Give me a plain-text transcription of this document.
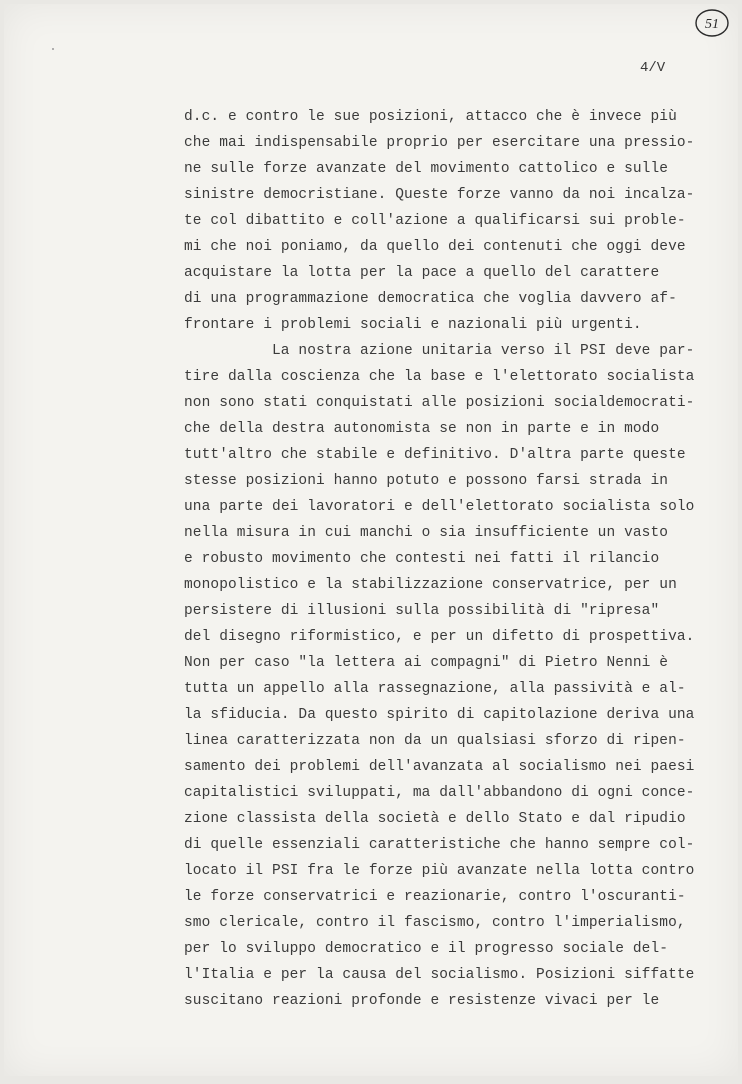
51
4/V
d.c. e contro le sue posizioni, attacco che è invece più
che mai indispensabile proprio per esercitare una pressio-
ne sulle forze avanzate del movimento cattolico e sulle
sinistre democristiane. Queste forze vanno da noi incalza-
te col dibattito e coll'azione a qualificarsi sui proble-
mi che noi poniamo, da quello dei contenuti che oggi deve
acquistare la lotta per la pace a quello del carattere
di una programmazione democratica che voglia davvero af-
frontare i problemi sociali e nazionali più urgenti.
La nostra azione unitaria verso il PSI deve par-
tire dalla coscienza che la base e l'elettorato socialista
non sono stati conquistati alle posizioni socialdemocrati-
che della destra autonomista se non in parte e in modo
tutt'altro che stabile e definitivo. D'altra parte queste
stesse posizioni hanno potuto e possono farsi strada in
una parte dei lavoratori e dell'elettorato socialista solo
nella misura in cui manchi o sia insufficiente un vasto
e robusto movimento che contesti nei fatti il rilancio
monopolistico e la stabilizzazione conservatrice, per un
persistere di illusioni sulla possibilità di "ripresa"
del disegno riformistico, e per un difetto di prospettiva.
Non per caso "la lettera ai compagni" di Pietro Nenni è
tutta un appello alla rassegnazione, alla passività e al-
la sfiducia. Da questo spirito di capitolazione deriva una
linea caratterizzata non da un qualsiasi sforzo di ripen-
samento dei problemi dell'avanzata al socialismo nei paesi
capitalistici sviluppati, ma dall'abbandono di ogni conce-
zione classista della società e dello Stato e dal ripudio
di quelle essenziali caratteristiche che hanno sempre col-
locato il PSI fra le forze più avanzate nella lotta contro
le forze conservatrici e reazionarie, contro l'oscuranti-
smo clericale, contro il fascismo, contro l'imperialismo,
per lo sviluppo democratico e il progresso sociale del-
l'Italia e per la causa del socialismo. Posizioni siffatte
suscitano reazioni profonde e resistenze vivaci per le
